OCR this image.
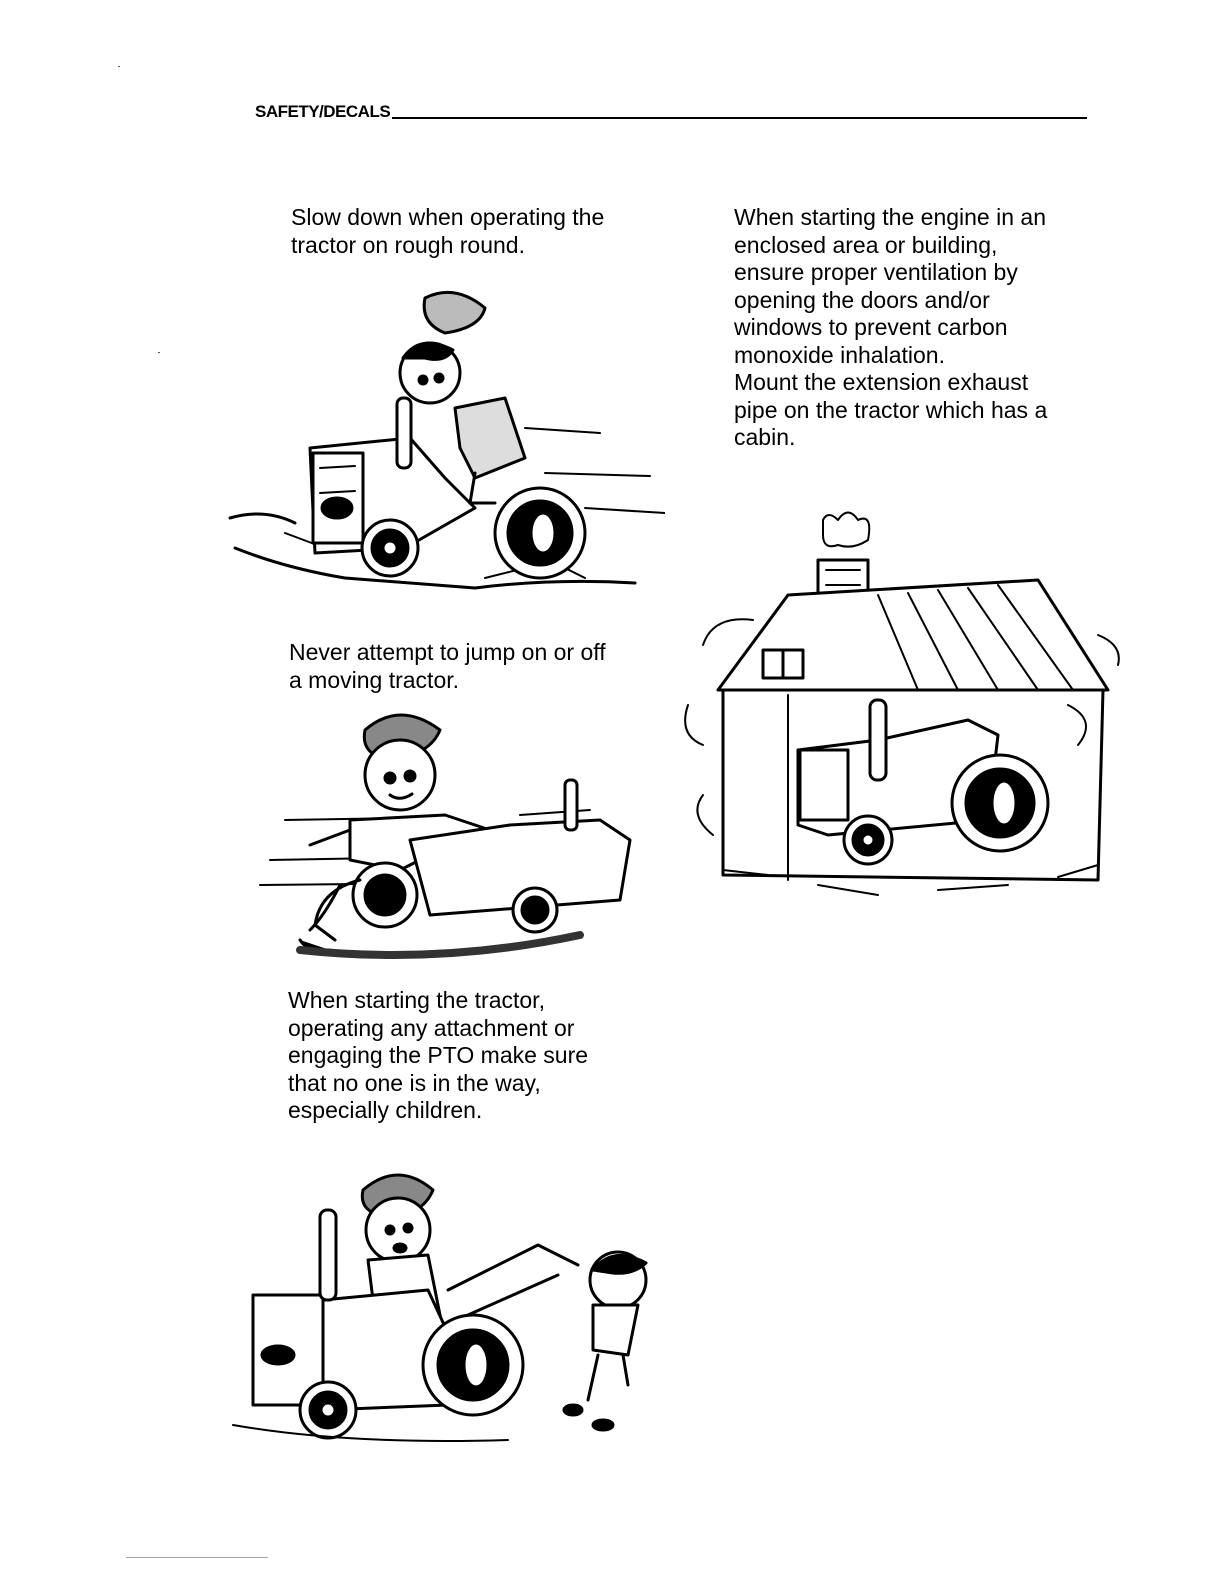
SAFETY/DECALS

Slow down when operating the
tractor on rough round.

When starting the engine in an
enclosed area or building,
ensure proper ventilation by
opening the doors and/or
windows to prevent carbon
monoxide inhalation.
Mount the extension exhaust
pipe on the tractor which has a
cabin.

Never attempt to jump on or off
a moving tractor.

When starting the tractor,
operating any attachment or
engaging the PTO make sure
that no one is in the way,
especially children.
